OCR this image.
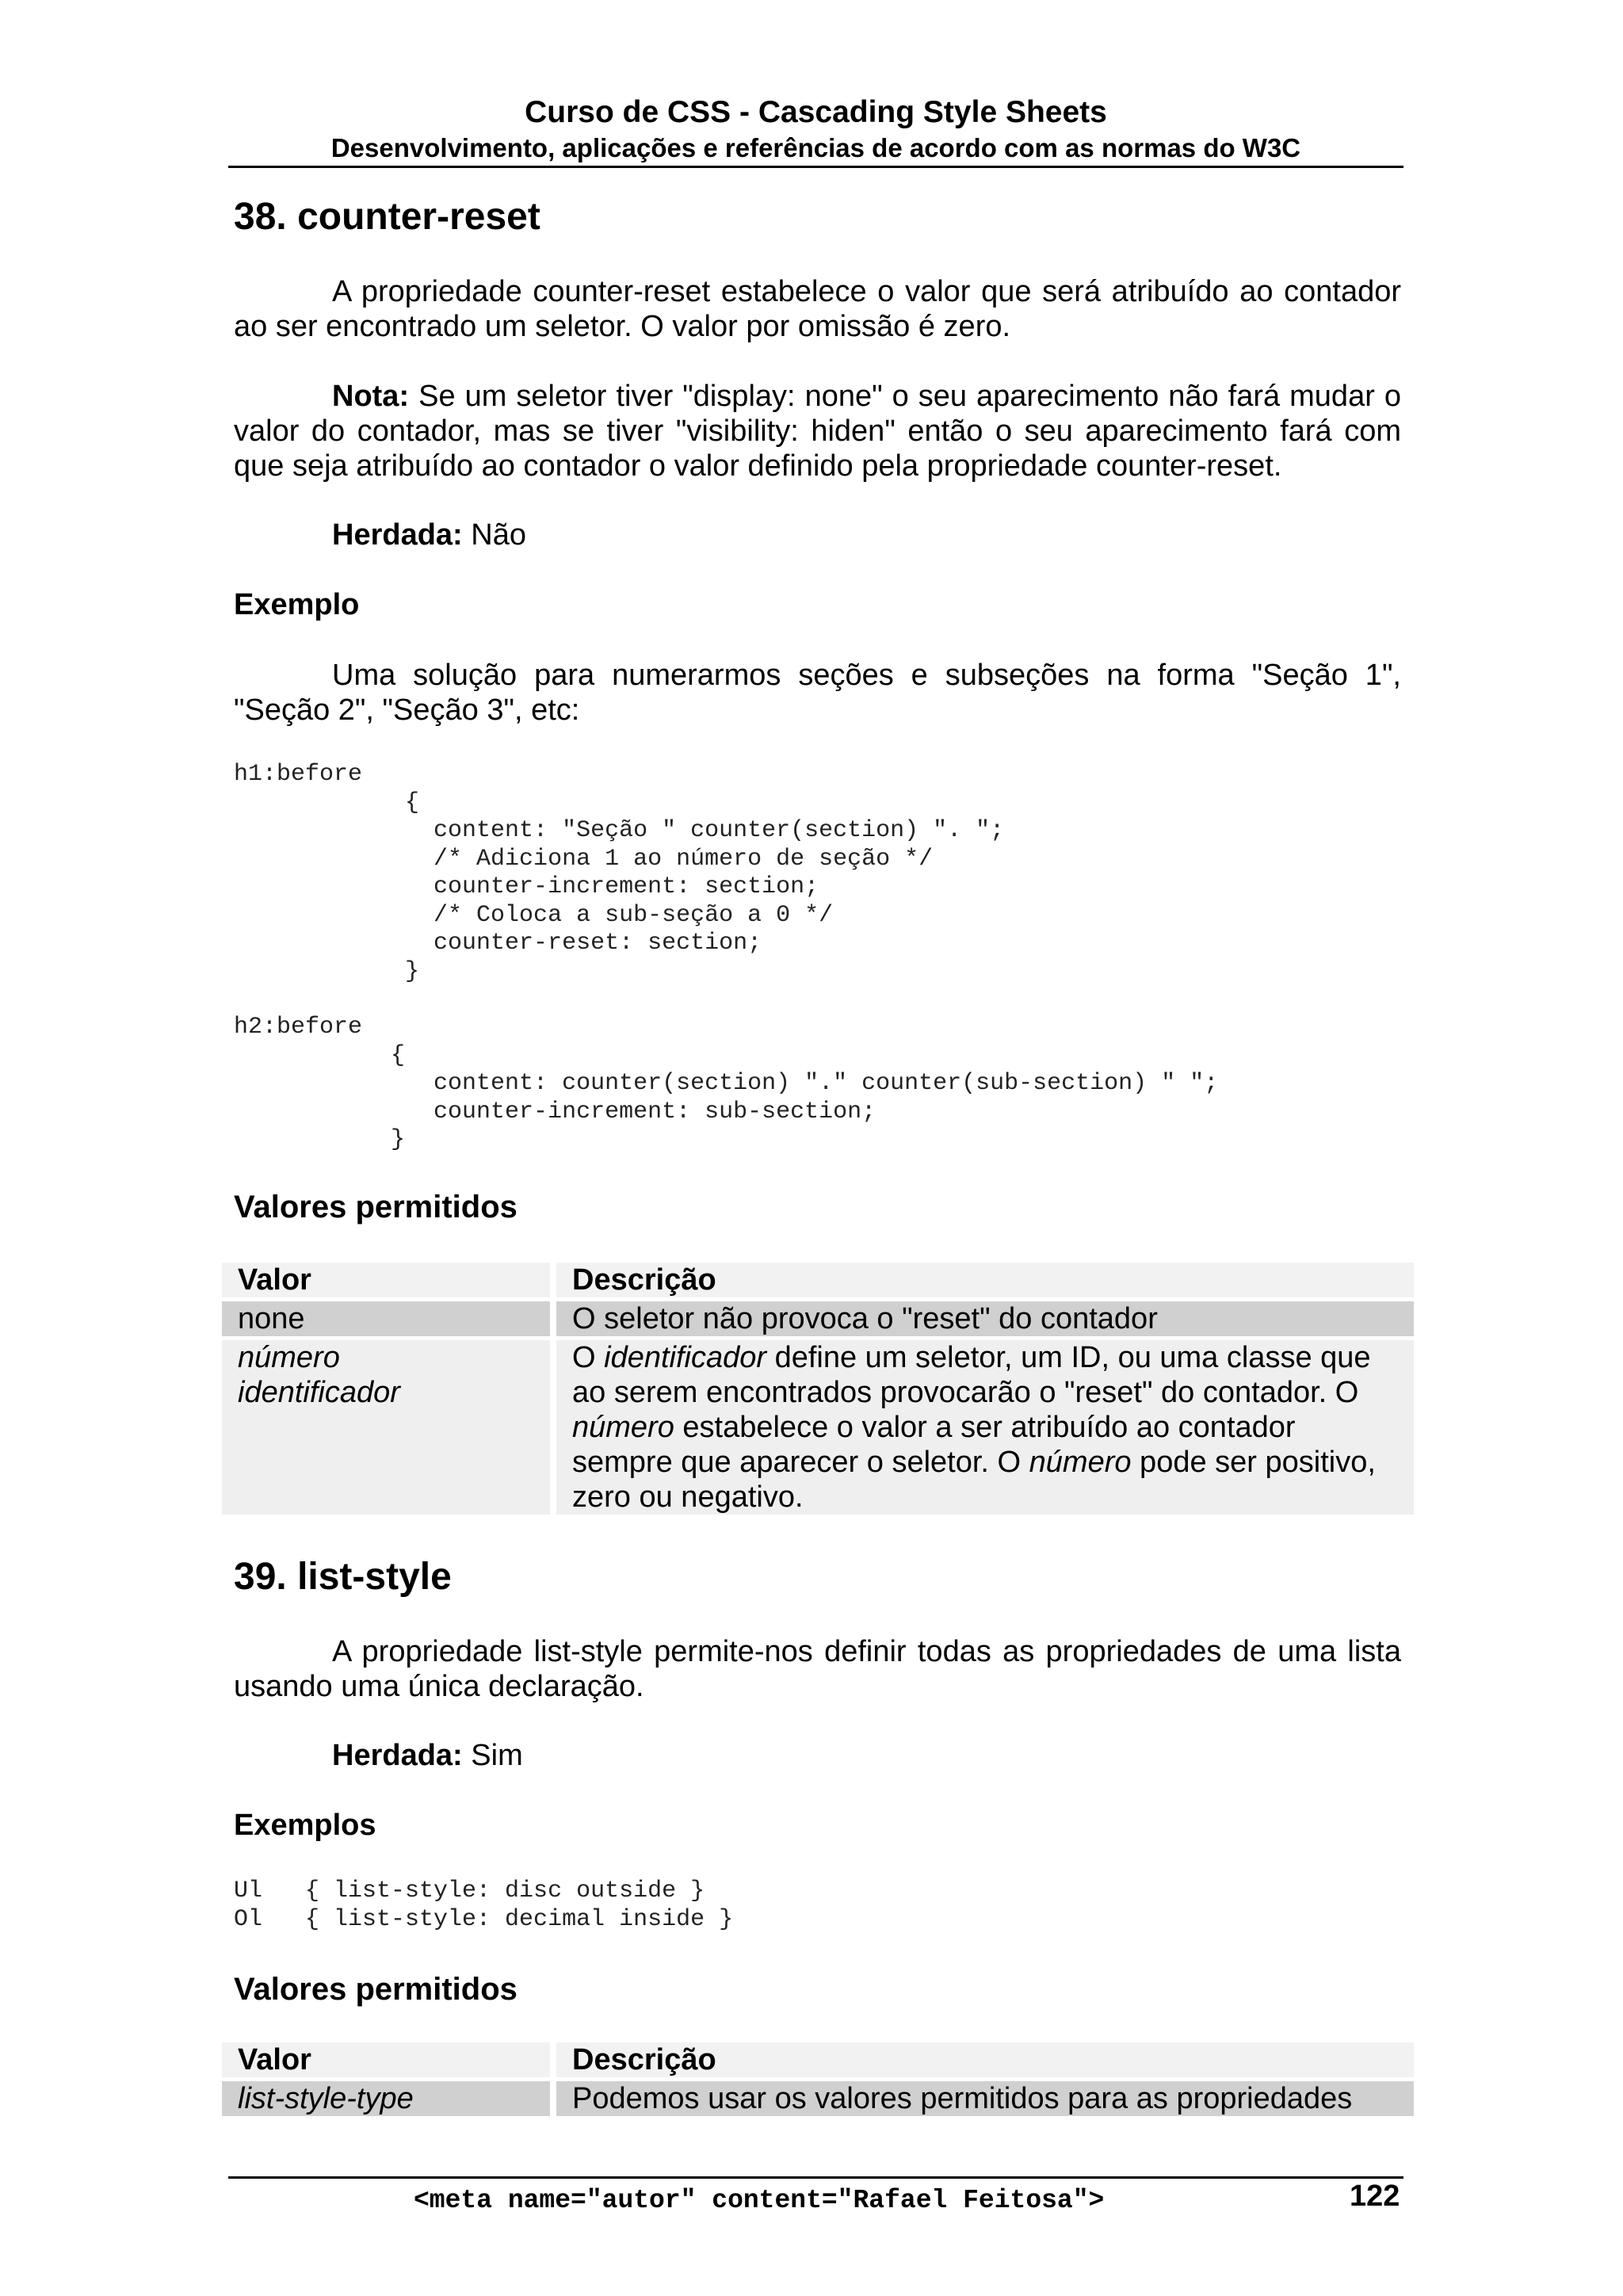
Curso de CSS - Cascading Style Sheets
Desenvolvimento, aplicações e referências de acordo com as normas do W3C
38. counter-reset

A propriedade counter-reset estabelece o valor que será atribuído ao contador ao ser encontrado um seletor. O valor por omissão é zero.

Nota: Se um seletor tiver "display: none" o seu aparecimento não fará mudar o valor do contador, mas se tiver "visibility: hiden" então o seu aparecimento fará com que seja atribuído ao contador o valor definido pela propriedade counter-reset.

Herdada: Não

Exemplo

Uma solução para numerarmos seções e subseções na forma "Seção 1", "Seção 2", "Seção 3", etc:

h1:before
{
content: "Seção " counter(section) ". ";
/* Adiciona 1 ao número de seção */
counter-increment: section;
/* Coloca a sub-seção a 0 */
counter-reset: section;
}
h2:before
{
content: counter(section) "." counter(sub-section) " ";
counter-increment: sub-section;
}
Valores permitidos
Valor	Descrição
none	O seletor não provoca o "reset" do contador
número
identificador	O identificador define um seletor, um ID, ou uma classe que ao serem encontrados provocarão o "reset" do contador. O número estabelece o valor a ser atribuído ao contador sempre que aparecer o seletor. O número pode ser positivo, zero ou negativo.
39. list-style

A propriedade list-style permite-nos definir todas as propriedades de uma lista usando uma única declaração.

Herdada: Sim

Exemplos

Ul   { list-style: disc outside }
Ol   { list-style: decimal inside }
Valores permitidos
Valor	Descrição
list-style-type	Podemos usar os valores permitidos para as propriedades
<meta name="autor" content="Rafael Feitosa">	122
